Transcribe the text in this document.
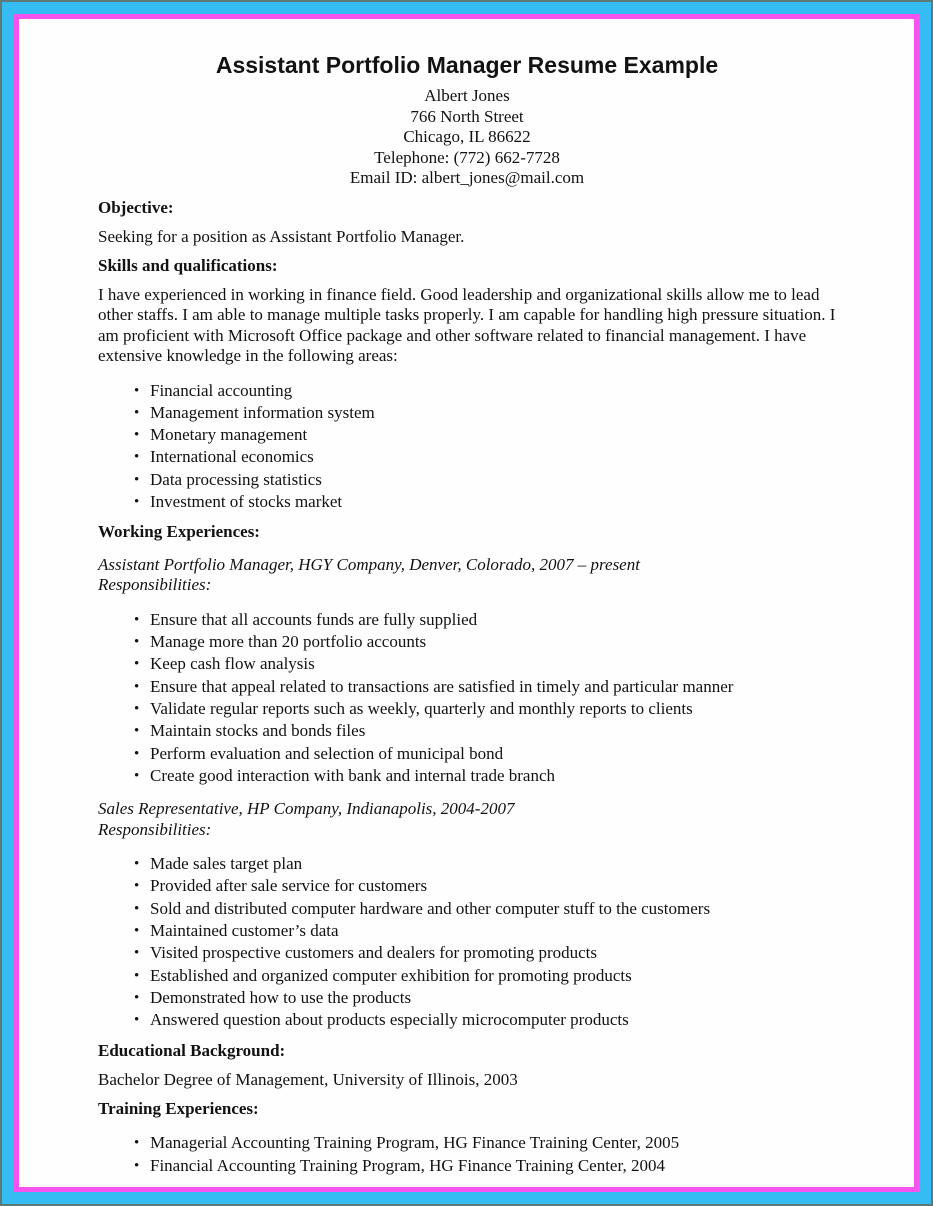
Assistant Portfolio Manager Resume Example
Albert Jones
766 North Street
Chicago, IL 86622
Telephone: (772) 662-7728
Email ID: albert_jones@mail.com
Objective:
Seeking for a position as Assistant Portfolio Manager.
Skills and qualifications:
I have experienced in working in finance field. Good leadership and organizational skills allow me to lead other staffs. I am able to manage multiple tasks properly. I am capable for handling high pressure situation. I am proficient with Microsoft Office package and other software related to financial management. I have extensive knowledge in the following areas:
• Financial accounting
• Management information system
• Monetary management
• International economics
• Data processing statistics
• Investment of stocks market
Working Experiences:
Assistant Portfolio Manager, HGY Company, Denver, Colorado, 2007 – present
Responsibilities:
• Ensure that all accounts funds are fully supplied
• Manage more than 20 portfolio accounts
• Keep cash flow analysis
• Ensure that appeal related to transactions are satisfied in timely and particular manner
• Validate regular reports such as weekly, quarterly and monthly reports to clients
• Maintain stocks and bonds files
• Perform evaluation and selection of municipal bond
• Create good interaction with bank and internal trade branch
Sales Representative, HP Company, Indianapolis, 2004-2007
Responsibilities:
• Made sales target plan
• Provided after sale service for customers
• Sold and distributed computer hardware and other computer stuff to the customers
• Maintained customer’s data
• Visited prospective customers and dealers for promoting products
• Established and organized computer exhibition for promoting products
• Demonstrated how to use the products
• Answered question about products especially microcomputer products
Educational Background:
Bachelor Degree of Management, University of Illinois, 2003
Training Experiences:
• Managerial Accounting Training Program, HG Finance Training Center, 2005
• Financial Accounting Training Program, HG Finance Training Center, 2004
